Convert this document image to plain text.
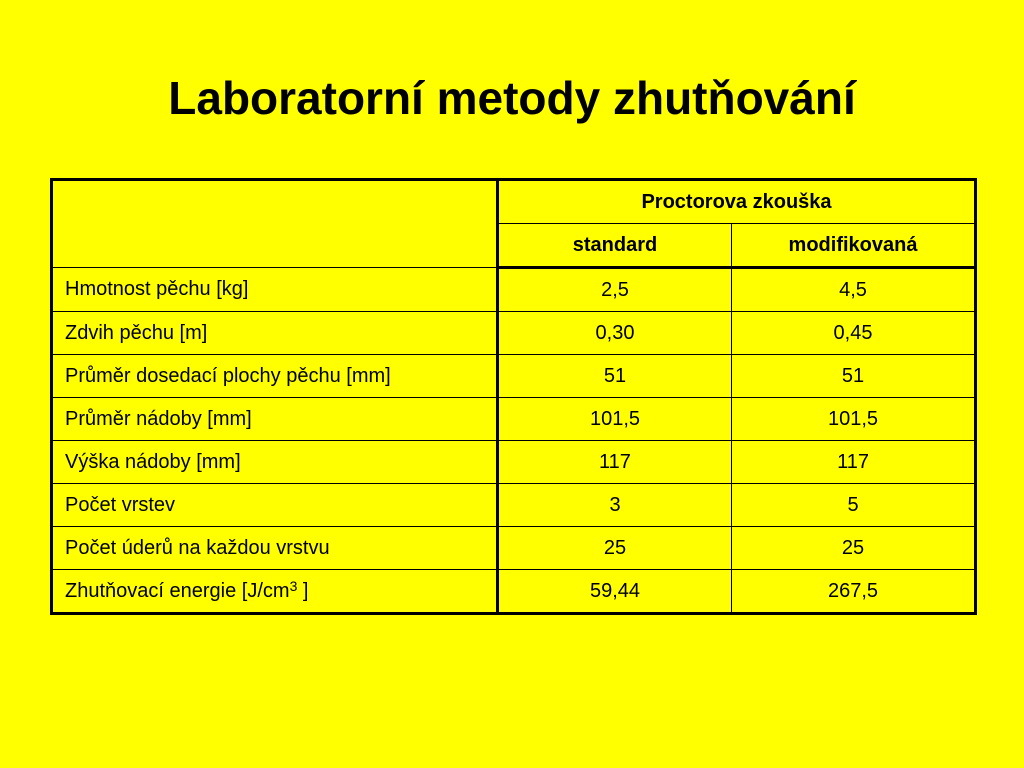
Laboratorní metody zhutňování
	Proctorova zkouška	
	standard	modifikovaná
Hmotnost pěchu [kg]	2,5	4,5
Zdvih pěchu [m]	0,30	0,45
Průměr dosedací plochy pěchu [mm]	51	51
Průměr nádoby [mm]	101,5	101,5
Výška nádoby [mm]	117	117
Počet vrstev	3	5
Počet úderů na každou vrstvu	25	25
Zhutňovací energie [$J/cm^3$ ]	59,44	267,5
